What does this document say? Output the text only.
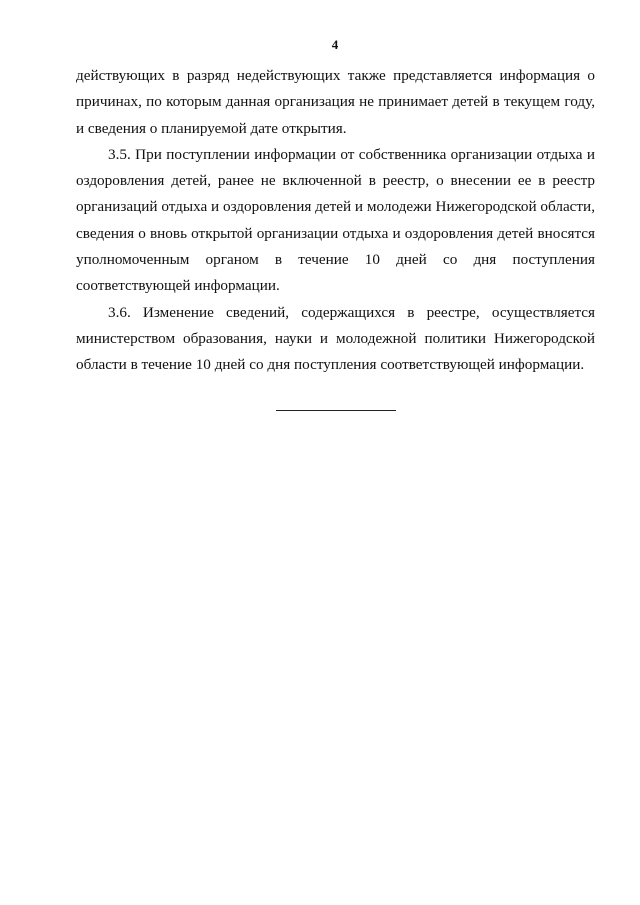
4

действующих в разряд недействующих также представляется информация о причинах, по которым данная организация не принимает детей в текущем году, и сведения о планируемой дате открытия.

3.5. При поступлении информации от собственника организации отдыха и оздоровления детей, ранее не включенной в реестр, о внесении ее в реестр организаций отдыха и оздоровления детей и молодежи Нижегородской области, сведения о вновь открытой организации отдыха и оздоровления детей вносятся уполномоченным органом в течение 10 дней со дня поступления соответствующей информации.

3.6. Изменение сведений, содержащихся в реестре, осуществляется министерством образования, науки и молодежной политики Нижегородской области в течение 10 дней со дня поступления соответствующей информации.
